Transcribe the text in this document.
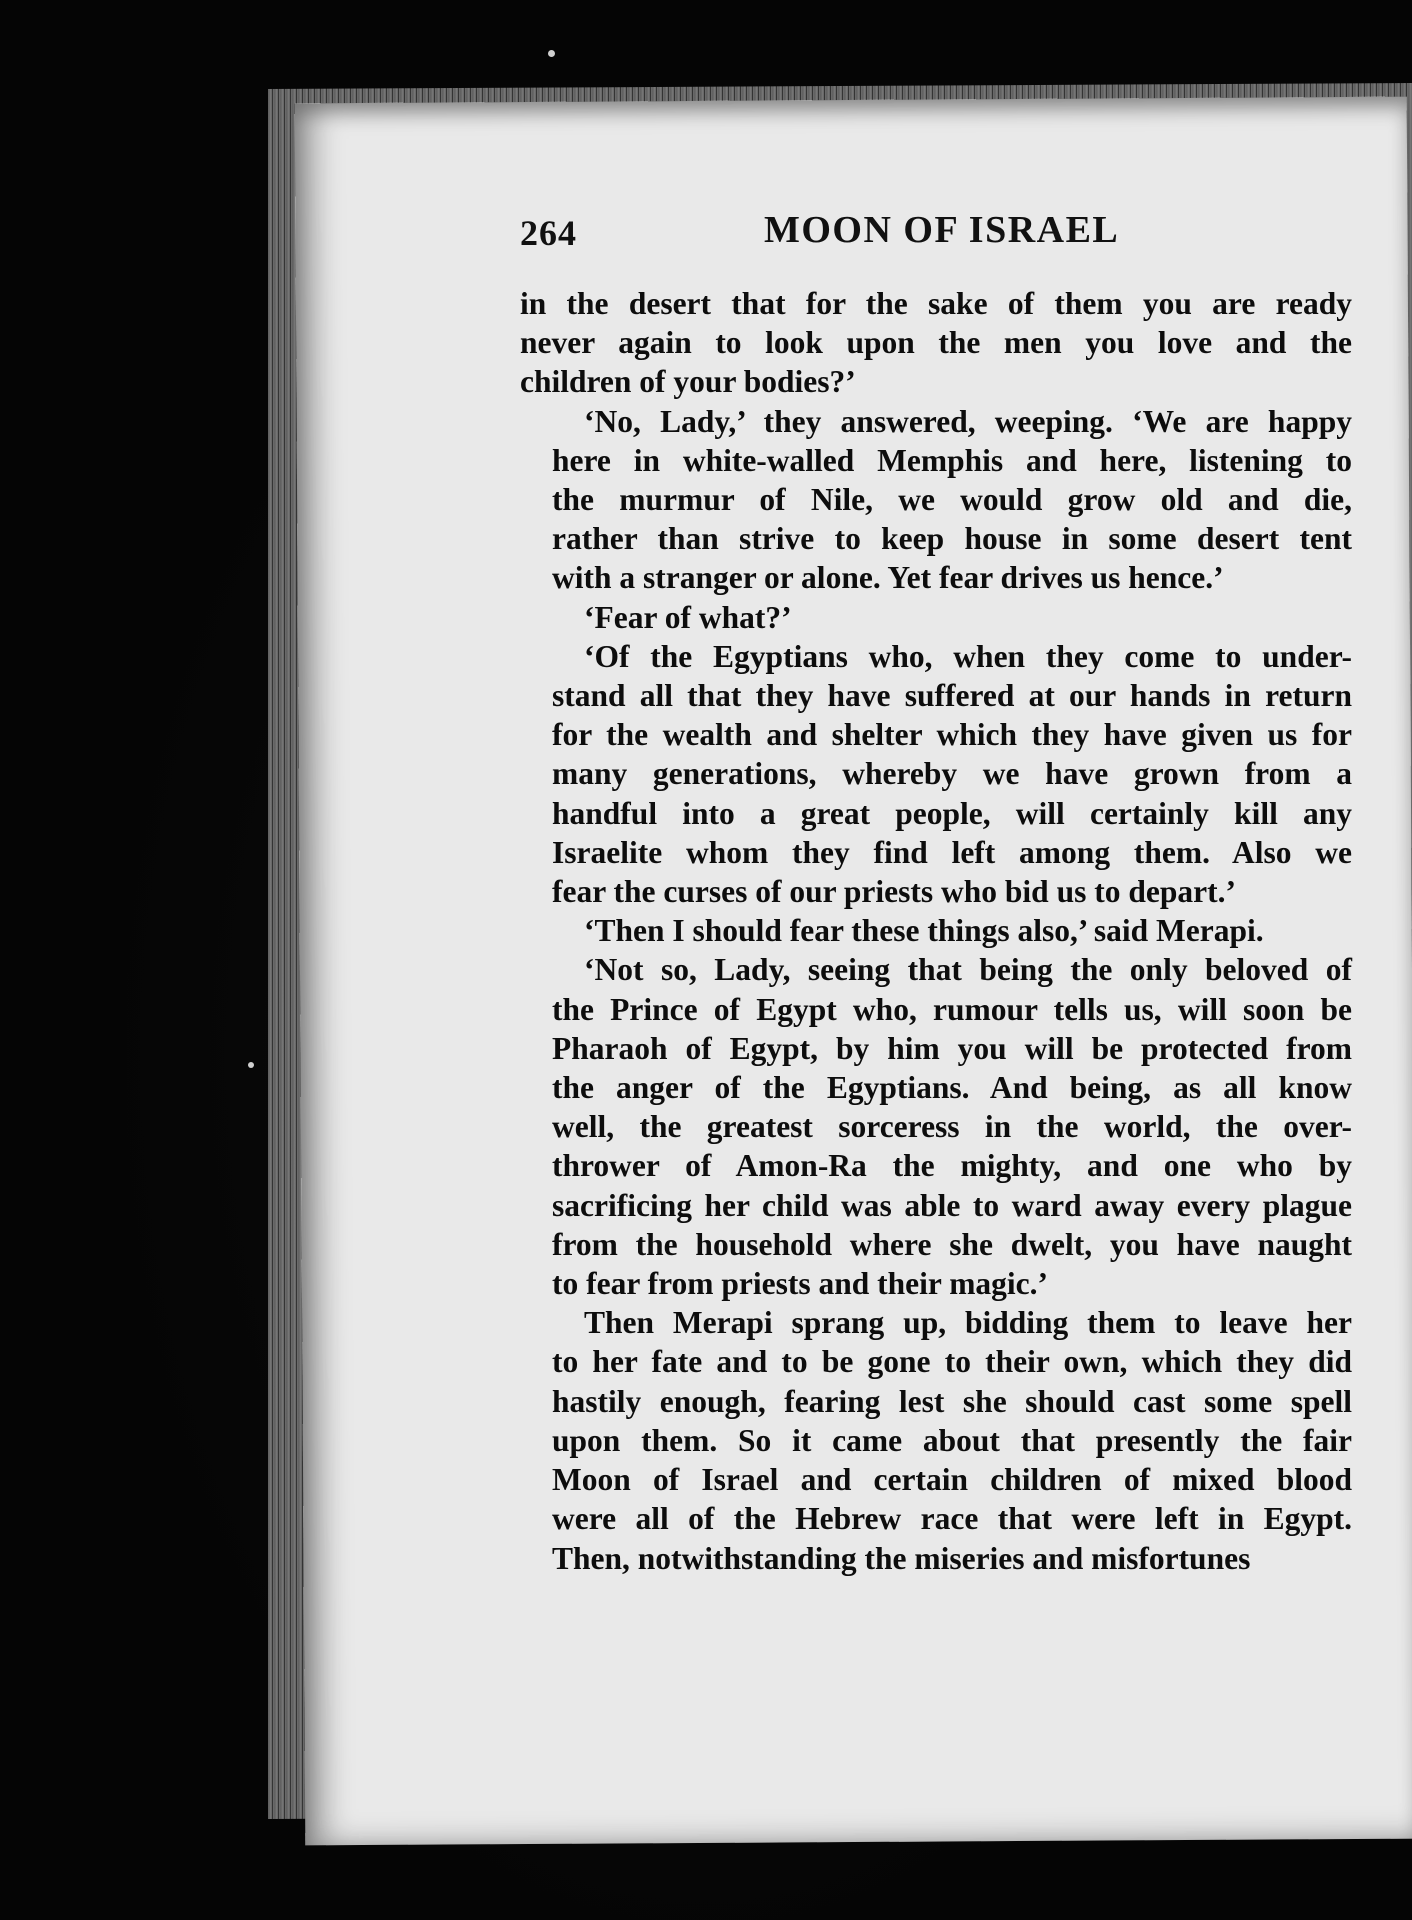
264	MOON OF ISRAEL

in the desert that for the sake of them you are ready
never again to look upon the men you love and the
children of your bodies?’

‘No, Lady,’ they answered, weeping. ‘We are happy
here in white-walled Memphis and here, listening to
the murmur of Nile, we would grow old and die,
rather than strive to keep house in some desert tent
with a stranger or alone. Yet fear drives us hence.’

‘Fear of what?’

‘Of the Egyptians who, when they come to under-
stand all that they have suffered at our hands in return
for the wealth and shelter which they have given us for
many generations, whereby we have grown from a
handful into a great people, will certainly kill any
Israelite whom they find left among them. Also we
fear the curses of our priests who bid us to depart.’

‘Then I should fear these things also,’ said Merapi.

‘Not so, Lady, seeing that being the only beloved of
the Prince of Egypt who, rumour tells us, will soon be
Pharaoh of Egypt, by him you will be protected from
the anger of the Egyptians. And being, as all know
well, the greatest sorceress in the world, the over-
thrower of Amon-Ra the mighty, and one who by
sacrificing her child was able to ward away every plague
from the household where she dwelt, you have naught
to fear from priests and their magic.’

Then Merapi sprang up, bidding them to leave her
to her fate and to be gone to their own, which they did
hastily enough, fearing lest she should cast some spell
upon them. So it came about that presently the fair
Moon of Israel and certain children of mixed blood
were all of the Hebrew race that were left in Egypt.
Then, notwithstanding the miseries and misfortunes
